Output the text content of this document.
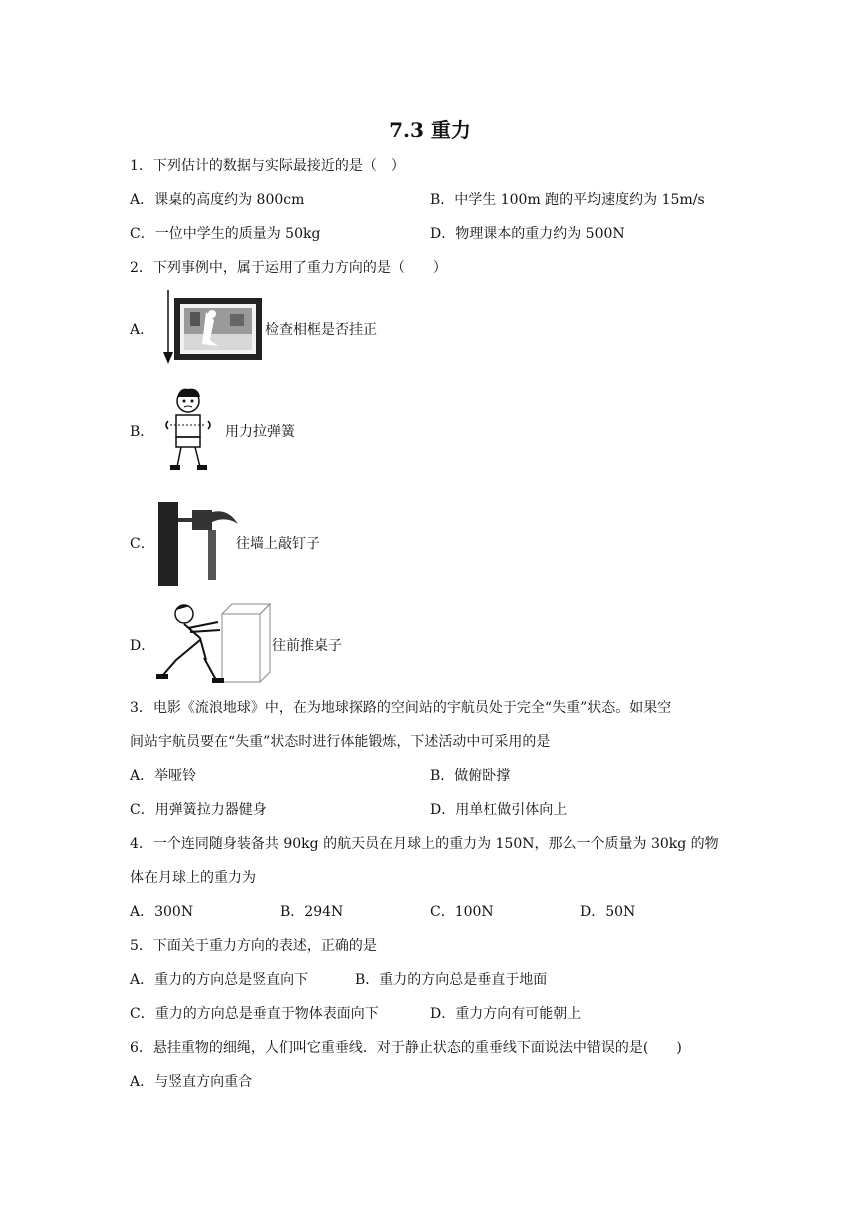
7.3 重力
1．下列估计的数据与实际最接近的是（　）
A．课桌的高度约为 800cm	B．中学生 100m 跑的平均速度约为 15m/s
C．一位中学生的质量为 50kg	D．物理课本的重力约为 500N
2．下列事例中，属于运用了重力方向的是（　　）
A．	检查相框是否挂正
B．	用力拉弹簧
C．	往墙上敲钉子
D．	往前推桌子
3．电影《流浪地球》中，在为地球探路的空间站的宇航员处于完全“失重”状态。如果空
间站宇航员要在“失重”状态时进行体能锻炼，下述活动中可采用的是
A．举哑铃	B．做俯卧撑
C．用弹簧拉力器健身	D．用单杠做引体向上
4．一个连同随身装备共 90kg 的航天员在月球上的重力为 150N，那么一个质量为 30kg 的物
体在月球上的重力为
A．300N	B．294N	C．100N	D．50N
5．下面关于重力方向的表述，正确的是
A．重力的方向总是竖直向下	B．重力的方向总是垂直于地面
C．重力的方向总是垂直于物体表面向下	D．重力方向有可能朝上
6．悬挂重物的细绳，人们叫它重垂线．对于静止状态的重垂线下面说法中错误的是(　　)
A．与竖直方向重合
